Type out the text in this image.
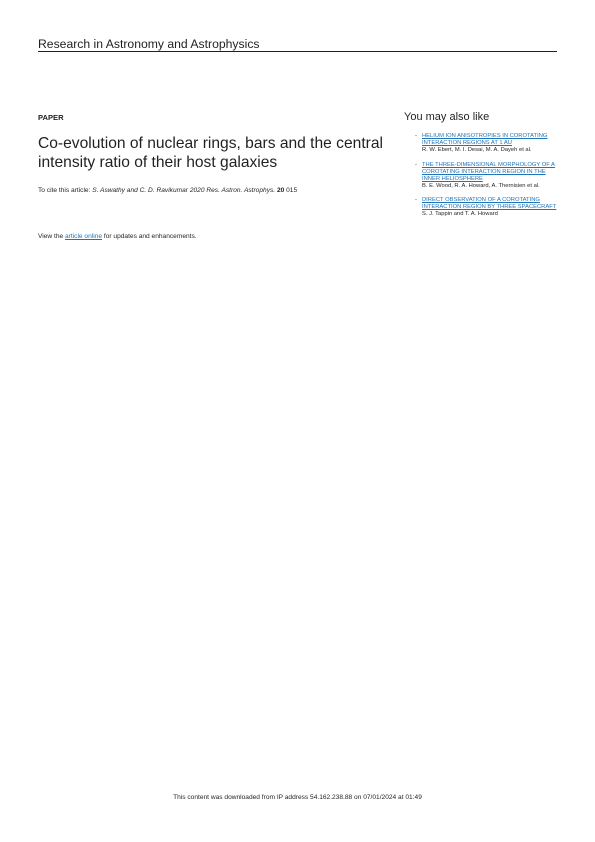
Research in Astronomy and Astrophysics
PAPER
Co-evolution of nuclear rings, bars and the central intensity ratio of their host galaxies
To cite this article: S. Aswathy and C. D. Ravikumar 2020 Res. Astron. Astrophys. 20 015
View the article online for updates and enhancements.
You may also like
- HELIUM ION ANISOTROPIES IN COROTATING INTERACTION REGIONS AT 1 AU
R. W. Ebert, M. I. Desai, M. A. Dayeh et al.
- THE THREE-DIMENSIONAL MORPHOLOGY OF A COROTATING INTERACTION REGION IN THE INNER HELIOSPHERE
B. E. Wood, R. A. Howard, A. Thernisien et al.
- DIRECT OBSERVATION OF A COROTATING INTERACTION REGION BY THREE SPACECRAFT
S. J. Tappin and T. A. Howard
This content was downloaded from IP address 54.162.238.88 on 07/01/2024 at 01:49
